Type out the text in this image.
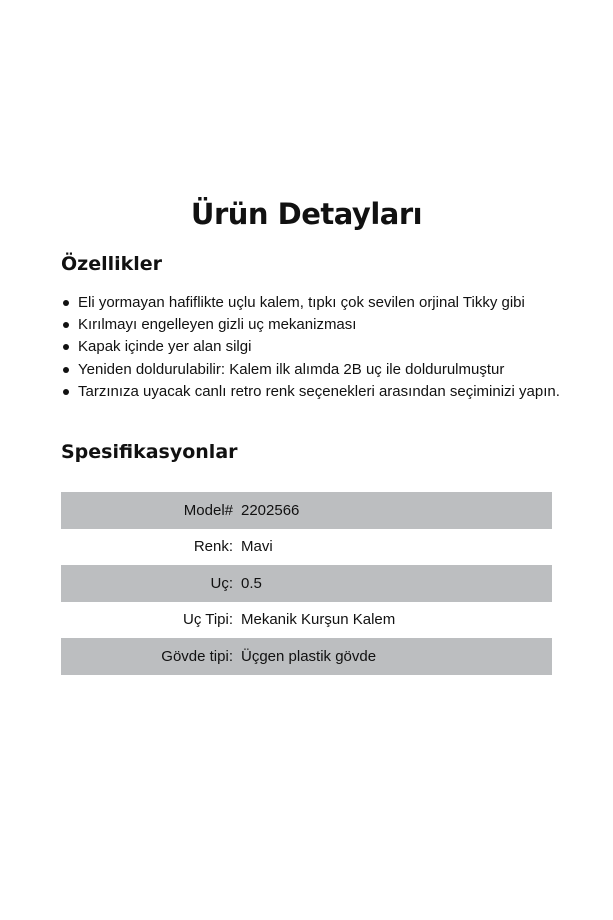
Ürün Detayları
Özellikler
Eli yormayan hafiflikte uçlu kalem, tıpkı çok sevilen orjinal Tikky gibi
Kırılmayı engelleyen gizli uç mekanizması
Kapak içinde yer alan silgi
Yeniden doldurulabilir: Kalem ilk alımda 2B uç ile doldurulmuştur
Tarzınıza uyacak canlı retro renk seçenekleri arasından seçiminizi yapın.
Spesifikasyonlar
Model#	2202566
Renk:	Mavi
Uç:	0.5
Uç Tipi:	Mekanik Kurşun Kalem
Gövde tipi:	Üçgen plastik gövde
